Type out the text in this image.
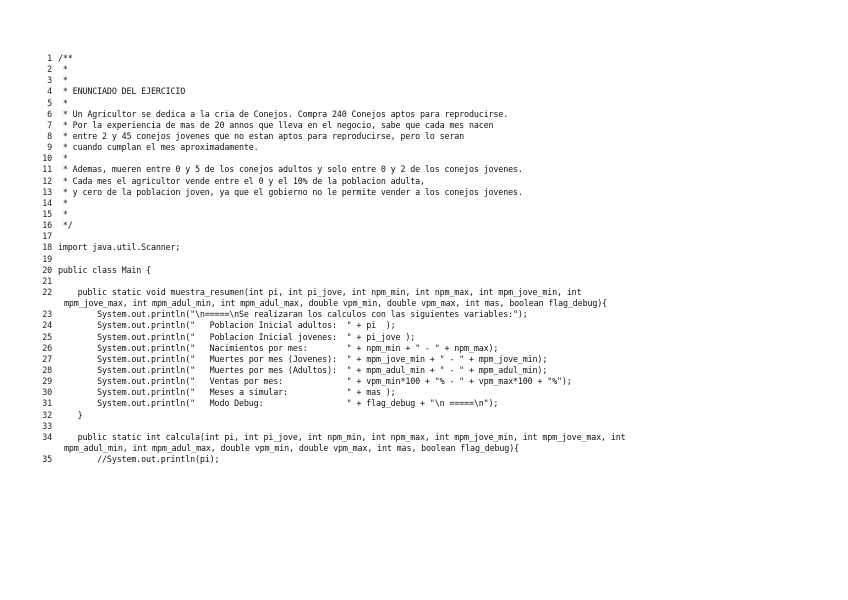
1 /**
2 *
3 *
4 * ENUNCIADO DEL EJERCICIO
5 *
6 * Un Agricultor se dedica a la cria de Conejos. Compra 240 Conejos aptos para reproducirse.
7 * Por la experiencia de mas de 20 annos que lleva en el negocio, sabe que cada mes nacen
8 * entre 2 y 45 conejos jovenes que no estan aptos para reproducirse, pero lo seran
9 * cuando cumplan el mes aproximadamente.
10 *
11 * Ademas, mueren entre 0 y 5 de los conejos adultos y solo entre 0 y 2 de los conejos jovenes.
12 * Cada mes el agricultor vende entre el 0 y el 10% de la poblacion adulta,
13 * y cero de la poblacion joven, ya que el gobierno no le permite vender a los conejos jovenes.
14 *
15 *
16 */
17
18 import java.util.Scanner;
19
20 public class Main {
21
22    public static void muestra_resumen(int pi, int pi_jove, int npm_min, int npm_max, int mpm_jove_min, int
mpm_jove_max, int mpm_adul_min, int mpm_adul_max, double vpm_min, double vpm_max, int mas, boolean flag_debug){
23        System.out.println("\n=====\nSe realizaran los calculos con las siguientes variables:");
24        System.out.println("   Poblacion Inicial adultos:  " + pi  );
25        System.out.println("   Poblacion Inicial jovenes:  " + pi_jove );
26        System.out.println("   Nacimientos por mes:        " + npm_min + " - " + npm_max);
27        System.out.println("   Muertes por mes (Jovenes):  " + mpm_jove_min + " - " + mpm_jove_min);
28        System.out.println("   Muertes por mes (Adultos):  " + mpm_adul_min + " - " + mpm_adul_min);
29        System.out.println("   Ventas por mes:             " + vpm_min*100 + "% - " + vpm_max*100 + "%");
30        System.out.println("   Meses a simular:            " + mas );
31        System.out.println("   Modo Debug:                 " + flag_debug + "\n =====\n");
32    }
33
34    public static int calcula(int pi, int pi_jove, int npm_min, int npm_max, int mpm_jove_min, int mpm_jove_max, int
mpm_adul_min, int mpm_adul_max, double vpm_min, double vpm_max, int mas, boolean flag_debug){
35        //System.out.println(pi);
